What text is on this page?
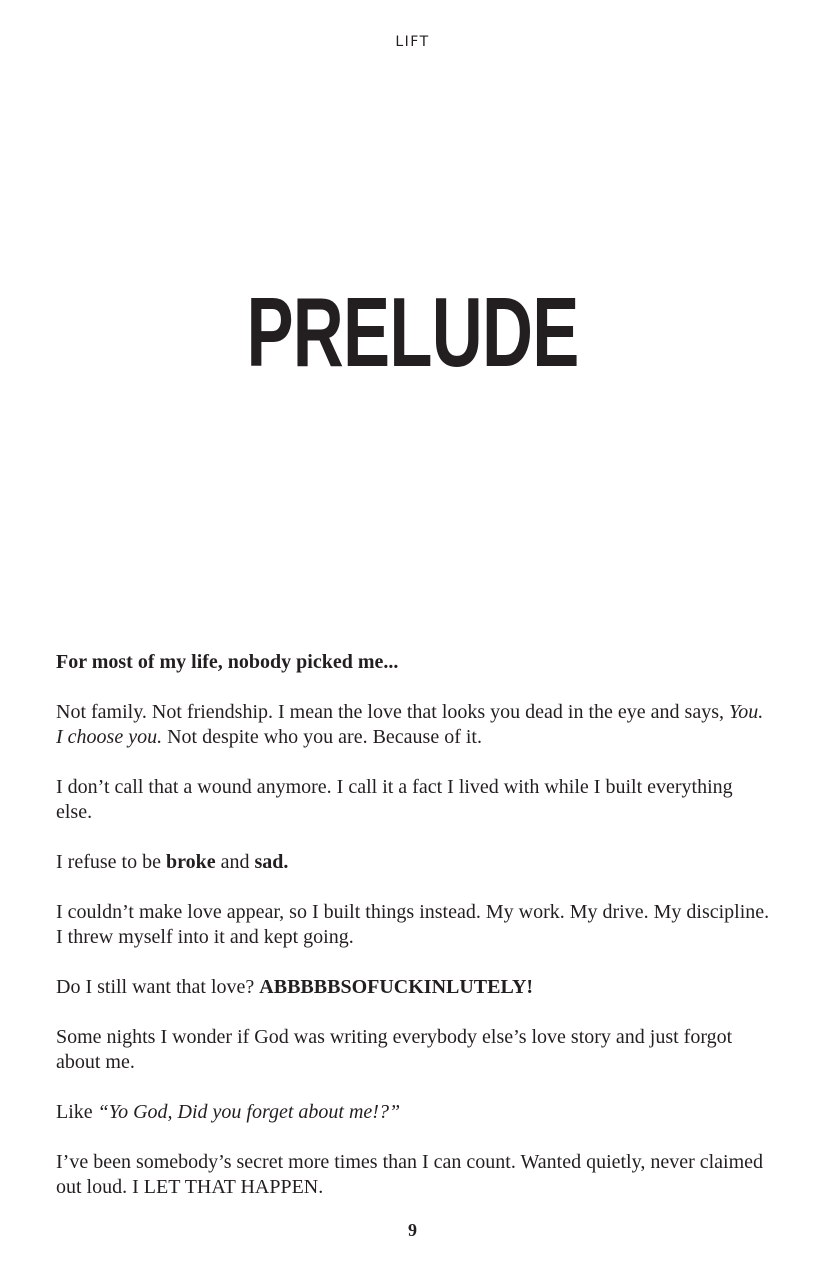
LIFT
PRELUDE

For most of my life, nobody picked me...

Not family. Not friendship. I mean the love that looks you dead in the eye and says, You. I choose you. Not despite who you are. Because of it.

I don’t call that a wound anymore. I call it a fact I lived with while I built everything else.

I refuse to be broke and sad.

I couldn’t make love appear, so I built things instead. My work. My drive. My discipline. I threw myself into it and kept going.

Do I still want that love? ABBBBBSOFUCKINLUTELY!

Some nights I wonder if God was writing everybody else’s love story and just forgot about me.

Like “Yo God, Did you forget about me!?”

I’ve been somebody’s secret more times than I can count. Wanted quietly, never claimed out loud. I LET THAT HAPPEN.

9
